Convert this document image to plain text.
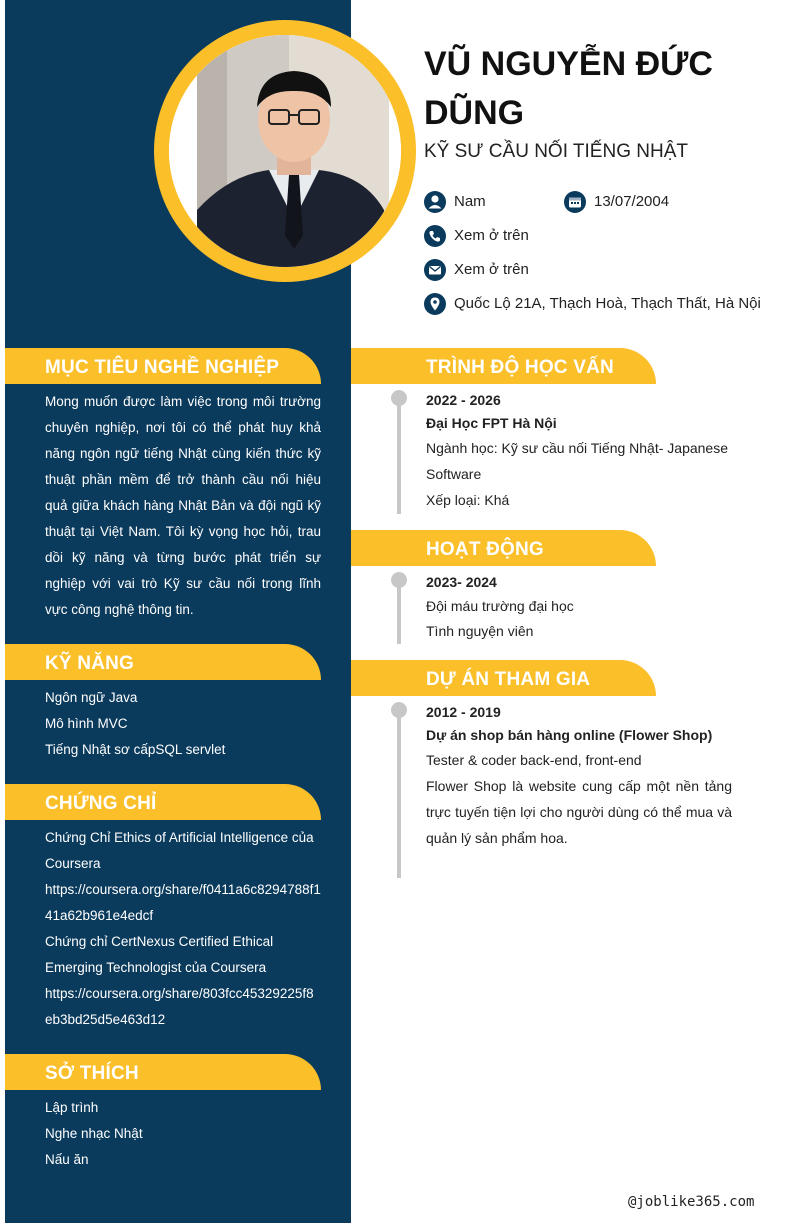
VŨ NGUYỄN ĐỨC DŨNG
KỸ SƯ CẦU NỐI TIẾNG NHẬT
Nam	13/07/2004
Xem ở trên
Xem ở trên
Quốc Lộ 21A, Thạch Hoà, Thạch Thất, Hà Nội
MỤC TIÊU NGHỀ NGHIỆP
Mong muốn được làm việc trong môi trường chuyên nghiệp, nơi tôi có thể phát huy khả năng ngôn ngữ tiếng Nhật cùng kiến thức kỹ thuật phần mềm để trở thành cầu nối hiệu quả giữa khách hàng Nhật Bản và đội ngũ kỹ thuật tại Việt Nam. Tôi kỳ vọng học hỏi, trau dồi kỹ năng và từng bước phát triển sự nghiệp với vai trò Kỹ sư cầu nối trong lĩnh vực công nghệ thông tin.
KỸ NĂNG
Ngôn ngữ Java
Mô hình MVC
Tiếng Nhật sơ cấpSQL servlet
CHỨNG CHỈ
Chứng Chỉ Ethics of Artificial Intelligence của Coursera
https://coursera.org/share/f0411a6c8294788f141a62b961e4edcf
Chứng chỉ CertNexus Certified Ethical Emerging Technologist của Coursera
https://coursera.org/share/803fcc45329225f8eb3bd25d5e463d12
SỞ THÍCH
Lập trình
Nghe nhạc Nhật
Nấu ăn
TRÌNH ĐỘ HỌC VẤN
2022 - 2026
Đại Học FPT Hà Nội
Ngành học: Kỹ sư cầu nối Tiếng Nhật- Japanese Software
Xếp loại: Khá
HOẠT ĐỘNG
2023- 2024
Đội máu trường đại học
Tình nguyện viên
DỰ ÁN THAM GIA
2012 - 2019
Dự án shop bán hàng online (Flower Shop)
Tester & coder back-end, front-end
Flower Shop là website cung cấp một nền tảng trực tuyến tiện lợi cho người dùng có thể mua và quản lý sản phẩm hoa.
@joblike365.com
